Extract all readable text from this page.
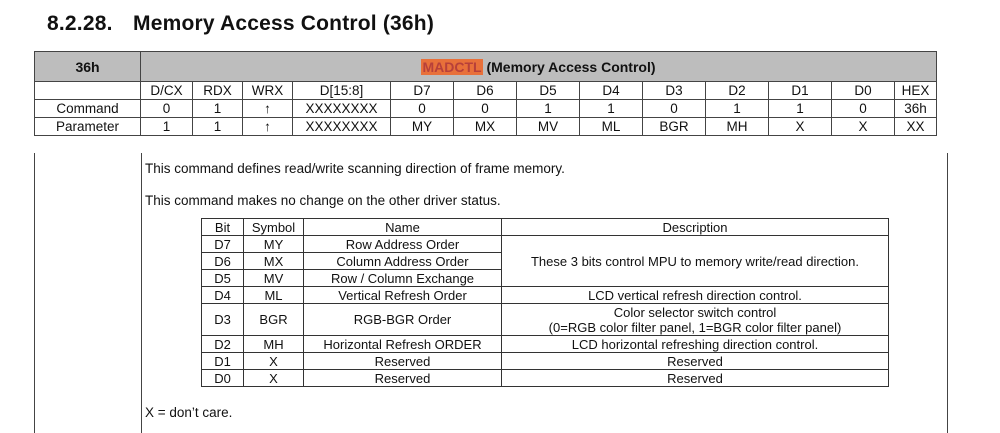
8.2.28. Memory Access Control (36h)
36h	MADCTL (Memory Access Control)												
	D/CX	RDX	WRX	D[15:8]	D7	D6	D5	D4	D3	D2	D1	D0	HEX
Command	0	1	↑	XXXXXXXX	0	0	1	1	0	1	1	0	36h
Parameter	1	1	↑	XXXXXXXX	MY	MX	MV	ML	BGR	MH	X	X	XX
This command defines read/write scanning direction of frame memory.
This command makes no change on the other driver status.
Bit	Symbol	Name	Description
D7	MY	Row Address Order	These 3 bits control MPU to memory write/read direction.
D6	MX	Column Address Order	
D5	MV	Row / Column Exchange	
D4	ML	Vertical Refresh Order	LCD vertical refresh direction control.
D3	BGR	RGB-BGR Order	Color selector switch control
(0=RGB color filter panel, 1=BGR color filter panel)

D2	MH	Horizontal Refresh ORDER	LCD horizontal refreshing direction control.
D1	X	Reserved	Reserved
D0	X	Reserved	Reserved
X = don’t care.
